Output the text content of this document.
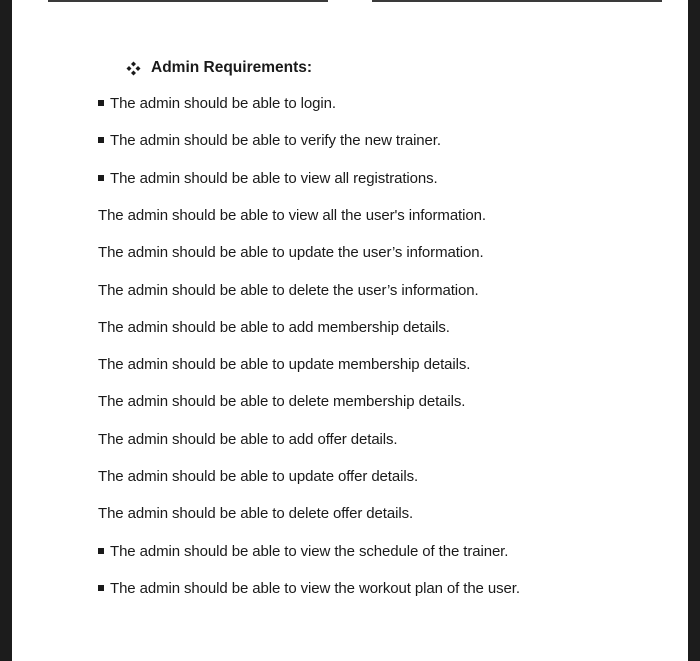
Admin Requirements:
The admin should be able to login.
The admin should be able to verify the new trainer.
The admin should be able to view all registrations.
The admin should be able to view all the user's information.
The admin should be able to update the user’s information.
The admin should be able to delete the user’s information.
The admin should be able to add membership details.
The admin should be able to update membership details.
The admin should be able to delete membership details.
The admin should be able to add offer details.
The admin should be able to update offer details.
The admin should be able to delete offer details.
The admin should be able to view the schedule of the trainer.
The admin should be able to view the workout plan of the user.
